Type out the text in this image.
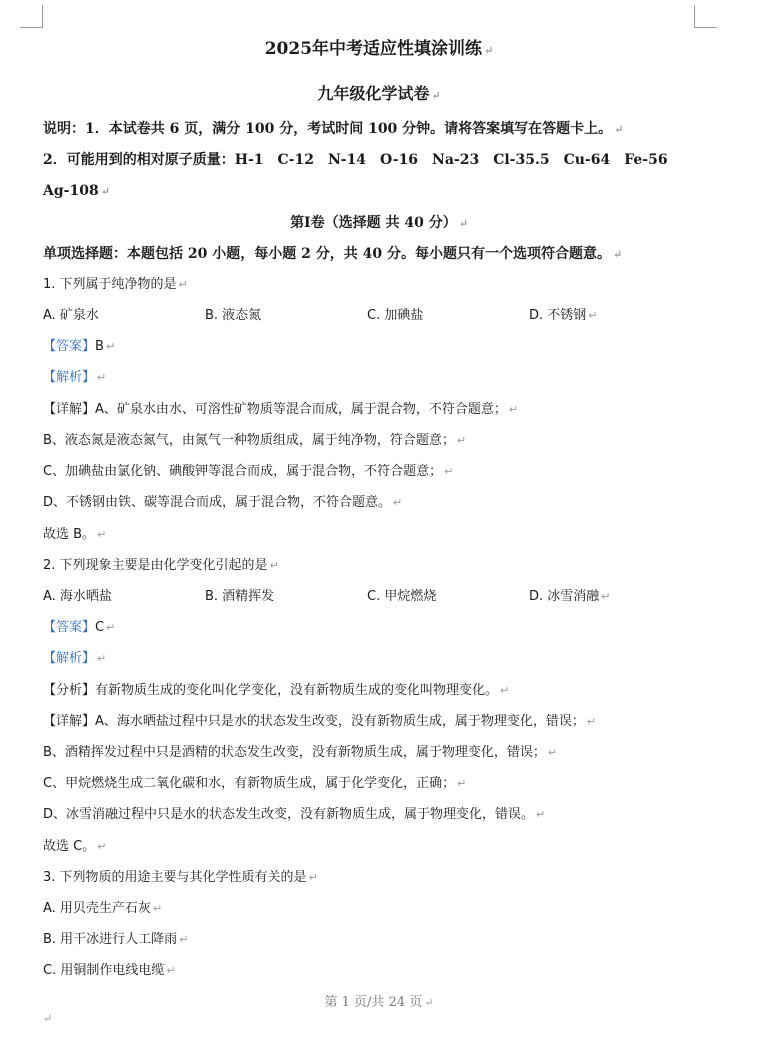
2025年中考适应性填涂训练 ↵
九年级化学试卷 ↵
说明：1．本试卷共 6 页，满分 100 分，考试时间 100 分钟。请将答案填写在答题卡上。 ↵
2．可能用到的相对原子质量：H-1　C-12　N-14　O-16　Na-23　Cl-35.5　Cu-64　Fe-56
Ag-108 ↵
第Ⅰ卷（选择题 共 40 分） ↵
单项选择题：本题包括 20 小题，每小题 2 分，共 40 分。每小题只有一个选项符合题意。 ↵
1. 下列属于纯净物的是 ↵
A. 矿泉水	B. 液态氮	C. 加碘盐	D. 不锈钢 ↵
【答案】B ↵
【解析】 ↵
【详解】A、矿泉水由水、可溶性矿物质等混合而成，属于混合物，不符合题意； ↵
B、液态氮是液态氮气，由氮气一种物质组成，属于纯净物，符合题意； ↵
C、加碘盐由氯化钠、碘酸钾等混合而成，属于混合物，不符合题意； ↵
D、不锈钢由铁、碳等混合而成，属于混合物，不符合题意。 ↵
故选 B。 ↵
2. 下列现象主要是由化学变化引起的是 ↵
A. 海水晒盐	B. 酒精挥发	C. 甲烷燃烧	D. 冰雪消融 ↵
【答案】C ↵
【解析】 ↵
【分析】有新物质生成的变化叫化学变化，没有新物质生成的变化叫物理变化。 ↵
【详解】A、海水晒盐过程中只是水的状态发生改变，没有新物质生成，属于物理变化，错误； ↵
B、酒精挥发过程中只是酒精的状态发生改变，没有新物质生成，属于物理变化，错误； ↵
C、甲烷燃烧生成二氧化碳和水，有新物质生成，属于化学变化，正确； ↵
D、冰雪消融过程中只是水的状态发生改变，没有新物质生成，属于物理变化，错误。 ↵
故选 C。 ↵
3. 下列物质的用途主要与其化学性质有关的是 ↵
A. 用贝壳生产石灰 ↵
B. 用干冰进行人工降雨 ↵
C. 用铜制作电线电缆 ↵
第 1 页/共 24 页 ↵
↵
